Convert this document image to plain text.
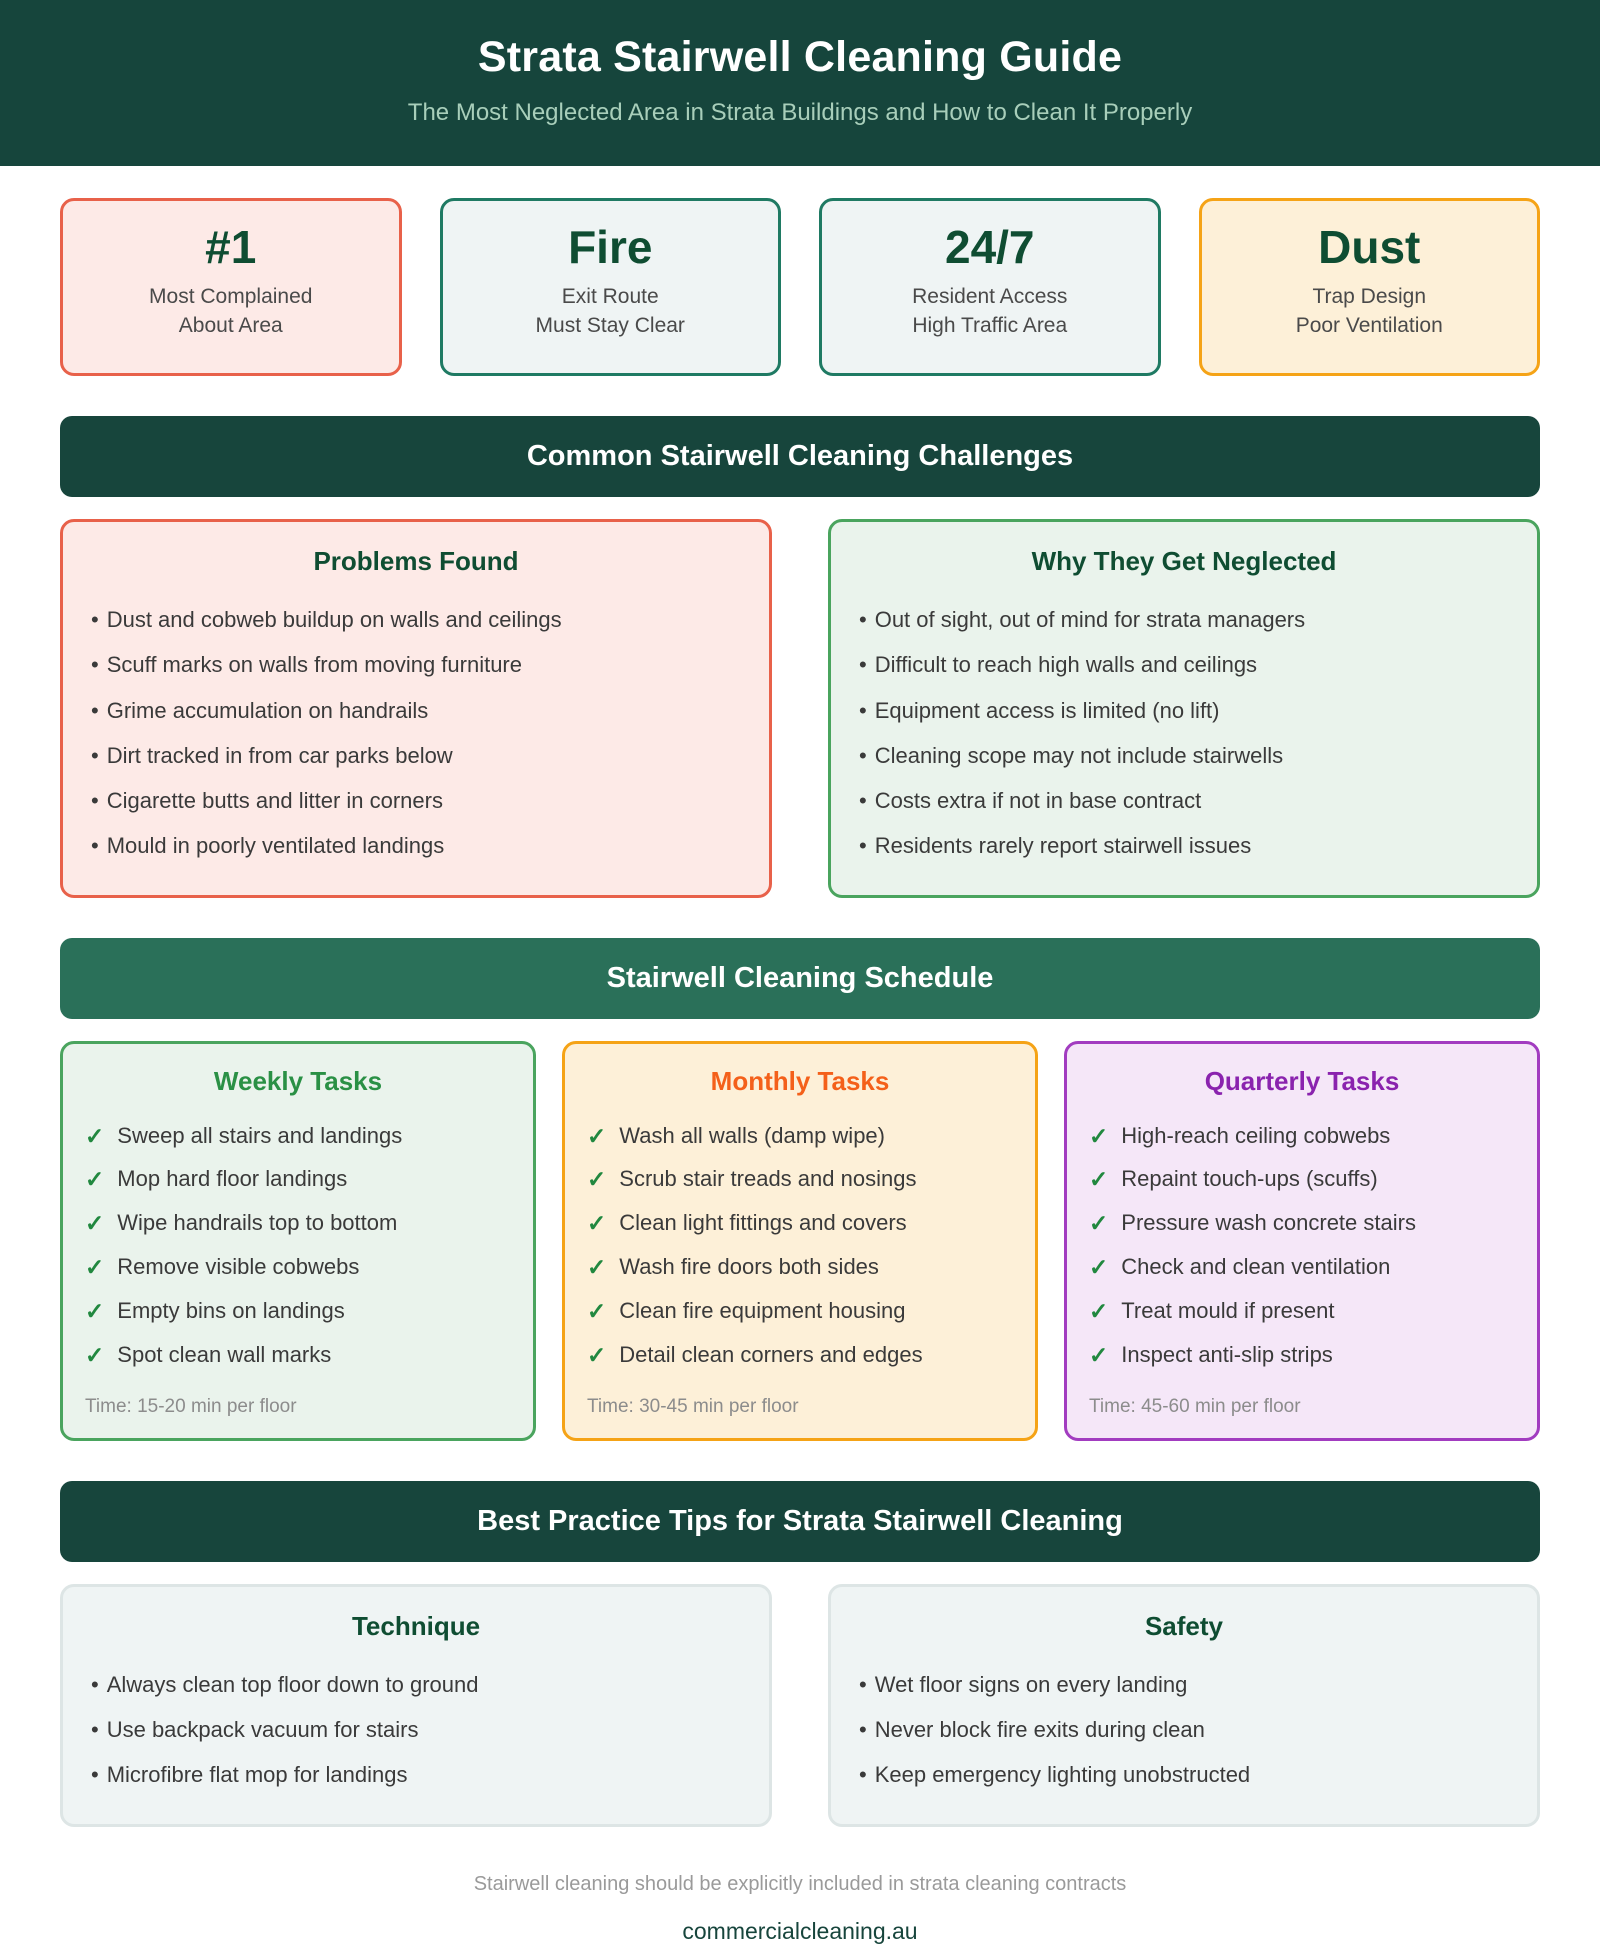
Strata Stairwell Cleaning Guide
The Most Neglected Area in Strata Buildings and How to Clean It Properly
#1
Most Complained
About Area
Fire
Exit Route
Must Stay Clear
24/7
Resident Access
High Traffic Area
Dust
Trap Design
Poor Ventilation
Common Stairwell Cleaning Challenges
Problems Found
• Dust and cobweb buildup on walls and ceilings
• Scuff marks on walls from moving furniture
• Grime accumulation on handrails
• Dirt tracked in from car parks below
• Cigarette butts and litter in corners
• Mould in poorly ventilated landings
Why They Get Neglected
• Out of sight, out of mind for strata managers
• Difficult to reach high walls and ceilings
• Equipment access is limited (no lift)
• Cleaning scope may not include stairwells
• Costs extra if not in base contract
• Residents rarely report stairwell issues
Stairwell Cleaning Schedule
Weekly Tasks
✓ Sweep all stairs and landings
✓ Mop hard floor landings
✓ Wipe handrails top to bottom
✓ Remove visible cobwebs
✓ Empty bins on landings
✓ Spot clean wall marks
Time: 15-20 min per floor
Monthly Tasks
✓ Wash all walls (damp wipe)
✓ Scrub stair treads and nosings
✓ Clean light fittings and covers
✓ Wash fire doors both sides
✓ Clean fire equipment housing
✓ Detail clean corners and edges
Time: 30-45 min per floor
Quarterly Tasks
✓ High-reach ceiling cobwebs
✓ Repaint touch-ups (scuffs)
✓ Pressure wash concrete stairs
✓ Check and clean ventilation
✓ Treat mould if present
✓ Inspect anti-slip strips
Time: 45-60 min per floor
Best Practice Tips for Strata Stairwell Cleaning
Technique
• Always clean top floor down to ground
• Use backpack vacuum for stairs
• Microfibre flat mop for landings
Safety
• Wet floor signs on every landing
• Never block fire exits during clean
• Keep emergency lighting unobstructed
Stairwell cleaning should be explicitly included in strata cleaning contracts
commercialcleaning.au
